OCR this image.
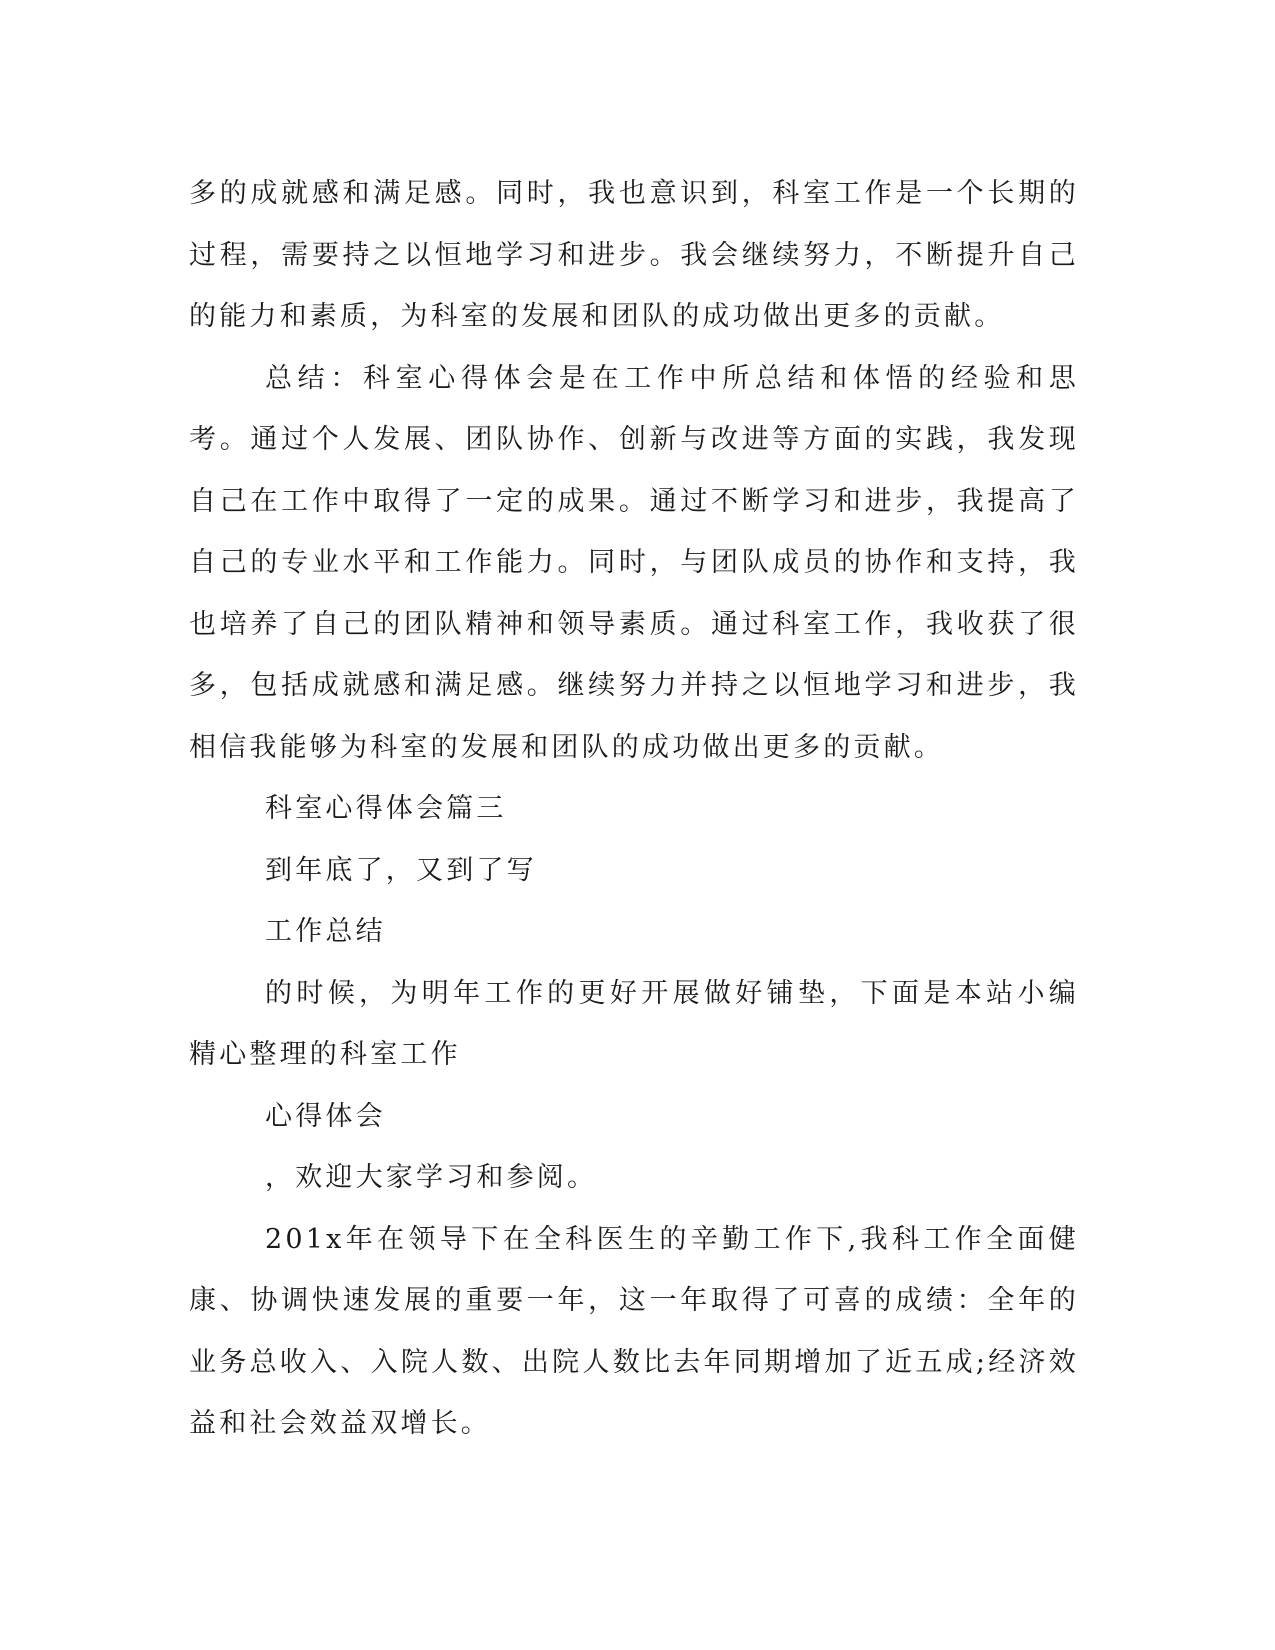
多的成就感和满足感。同时，我也意识到，科室工作是一个长期的过程，需要持之以恒地学习和进步。我会继续努力，不断提升自己的能力和素质，为科室的发展和团队的成功做出更多的贡献。

总结：科室心得体会是在工作中所总结和体悟的经验和思考。通过个人发展、团队协作、创新与改进等方面的实践，我发现自己在工作中取得了一定的成果。通过不断学习和进步，我提高了自己的专业水平和工作能力。同时，与团队成员的协作和支持，我也培养了自己的团队精神和领导素质。通过科室工作，我收获了很多，包括成就感和满足感。继续努力并持之以恒地学习和进步，我相信我能够为科室的发展和团队的成功做出更多的贡献。

科室心得体会篇三

到年底了，又到了写

工作总结

的时候，为明年工作的更好开展做好铺垫，下面是本站小编精心整理的科室工作

心得体会

，欢迎大家学习和参阅。

201x年在领导下在全科医生的辛勤工作下,我科工作全面健康、协调快速发展的重要一年，这一年取得了可喜的成绩：全年的业务总收入、入院人数、出院人数比去年同期增加了近五成;经济效益和社会效益双增长。
